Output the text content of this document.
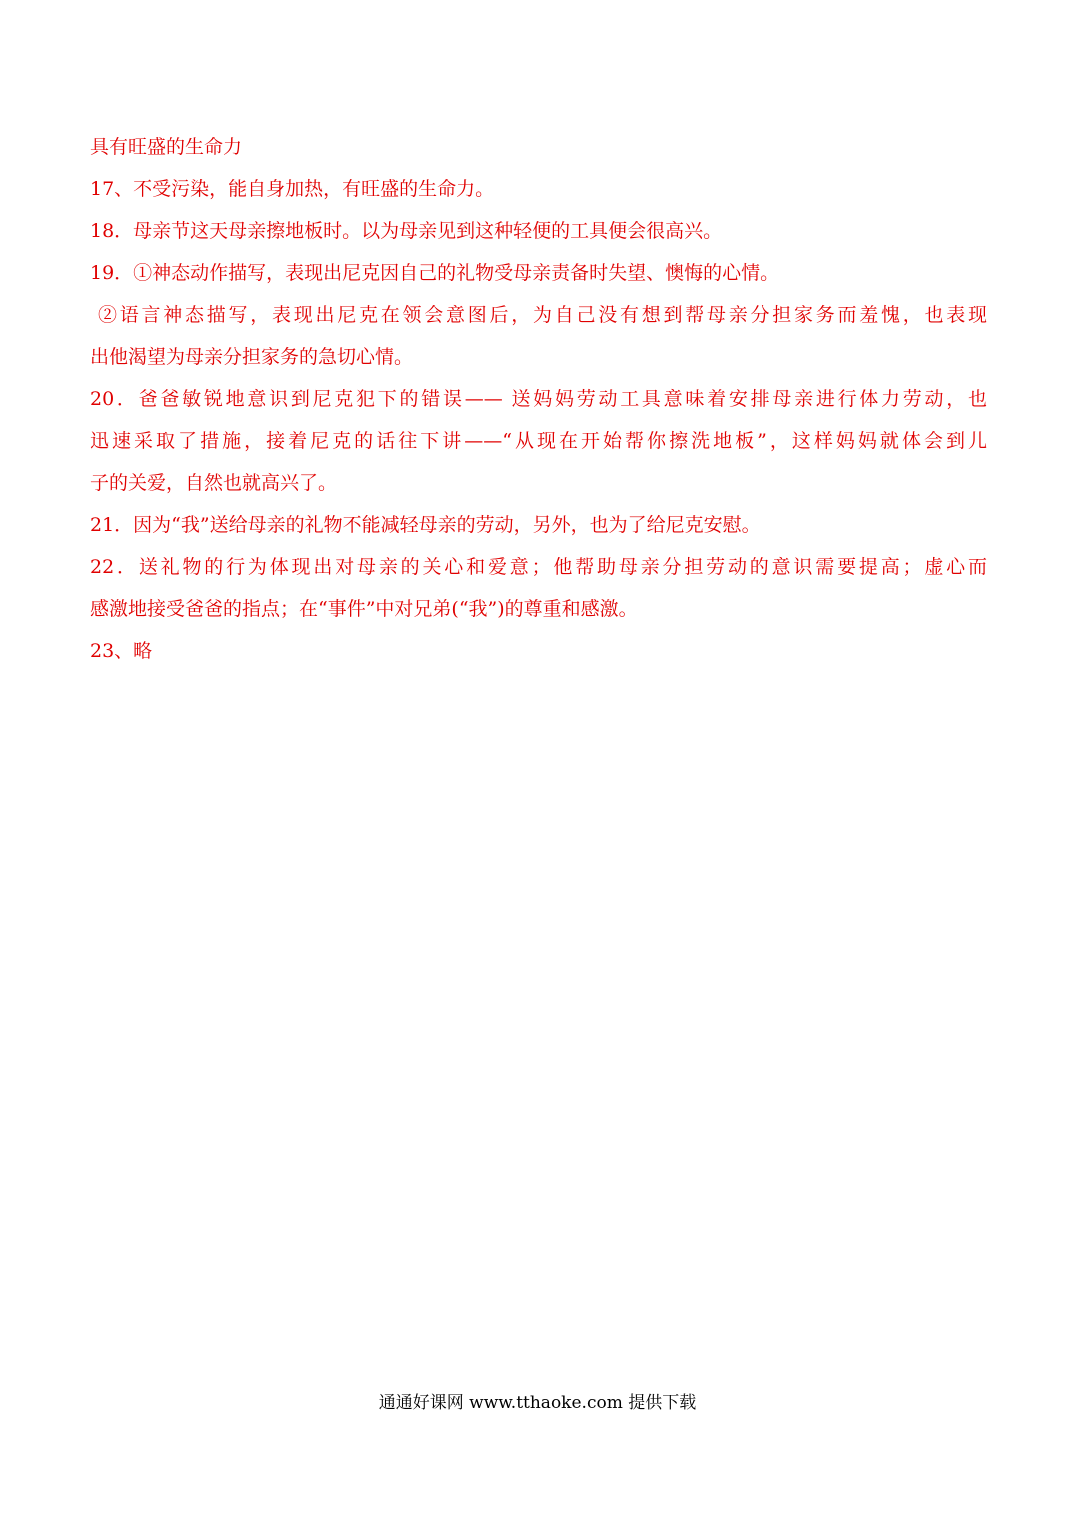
具有旺盛的生命力
17、不受污染，能自身加热，有旺盛的生命力。
18．母亲节这天母亲擦地板时。以为母亲见到这种轻便的工具便会很高兴。
19．①神态动作描写，表现出尼克因自己的礼物受母亲责备时失望、懊悔的心情。
②语言神态描写，表现出尼克在领会意图后，为自己没有想到帮母亲分担家务而羞愧，也表现
出他渴望为母亲分担家务的急切心情。
20．爸爸敏锐地意识到尼克犯下的错误—— 送妈妈劳动工具意味着安排母亲进行体力劳动，也
迅速采取了措施，接着尼克的话往下讲——“从现在开始帮你擦洗地板”，这样妈妈就体会到儿
子的关爱，自然也就高兴了。
21．因为“我”送给母亲的礼物不能减轻母亲的劳动，另外，也为了给尼克安慰。
22．送礼物的行为体现出对母亲的关心和爱意；他帮助母亲分担劳动的意识需要提高；虚心而
感激地接受爸爸的指点；在“事件”中对兄弟(“我”)的尊重和感激。
23、略
通通好课网 www.tthaoke.com 提供下载
